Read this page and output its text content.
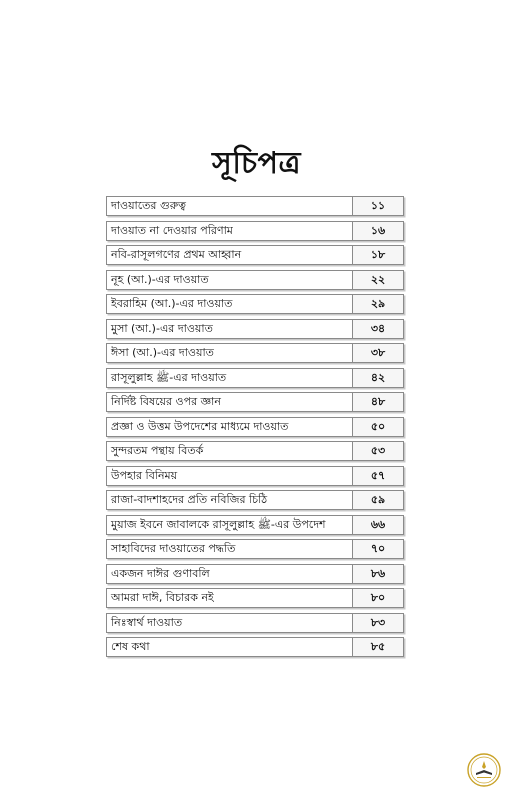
সূচিপত্র
দাওয়াতের গুরুত্ব	১১
দাওয়াত না দেওয়ার পরিণাম	১৬
নবি-রাসূলগণের প্রথম আহ্বান	১৮
নূহ (আ.)-এর দাওয়াত	২২
ইবরাহিম (আ.)-এর দাওয়াত	২৯
মুসা (আ.)-এর দাওয়াত	৩৪
ঈসা (আ.)-এর দাওয়াত	৩৮
রাসূলুল্লাহ ﷺ-এর দাওয়াত	৪২
নির্দিষ্ট বিষয়ের ওপর জ্ঞান	৪৮
প্রজ্ঞা ও উত্তম উপদেশের মাধ্যমে দাওয়াত	৫০
সুন্দরতম পন্থায় বিতর্ক	৫৩
উপহার বিনিময়	৫৭
রাজা-বাদশাহদের প্রতি নবিজির চিঠি	৫৯
মুয়াজ ইবনে জাবালকে রাসূলুল্লাহ ﷺ-এর উপদেশ	৬৬
সাহাবিদের দাওয়াতের পদ্ধতি	৭০
একজন দাঈর গুণাবলি	৮৬
আমরা দাঈ, বিচারক নই	৮০
নিঃস্বার্থ দাওয়াত	৮৩
শেষ কথা	৮৫
